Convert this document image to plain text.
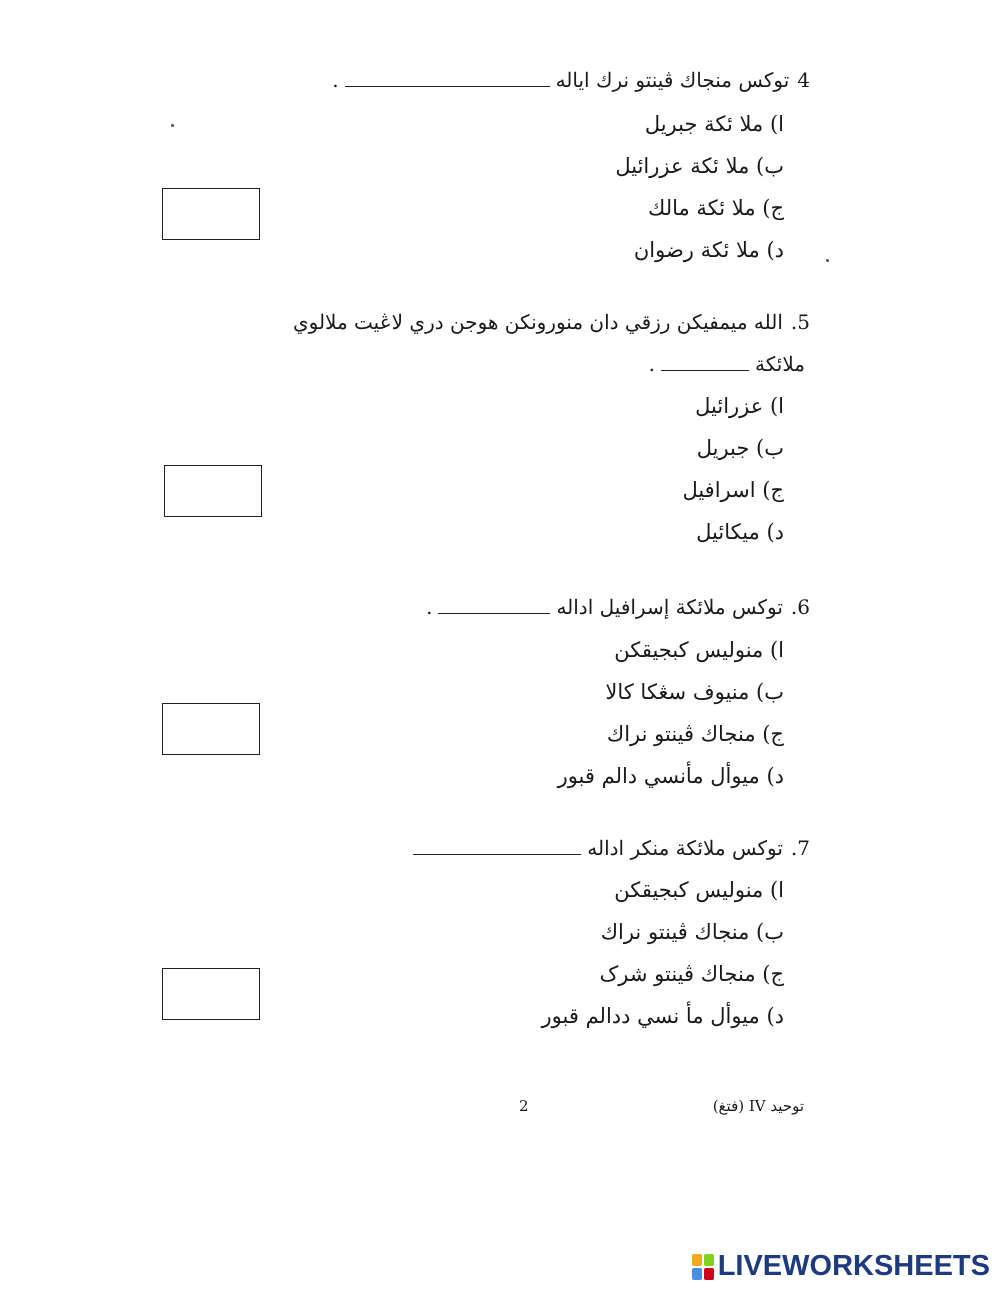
4توكس منجاك ڤينتو نرك اياله.
ا) ملا ئكة جبريل
ب) ملا ئكة عزرائيل
ج) ملا ئكة مالك
د) ملا ئكة رضوان
5.الله ميمفيكن رزقي دان منورونكن هوجن دري لاڠيت ملالوي
ملائكة.
ا) عزرائيل
ب) جبريل
ج) اسرافيل
د) ميكائيل
6.توكس ملائكة إسرافيل اداله.
ا) منوليس كبجيقكن
ب) منيوف سڠكا كالا
ج) منجاك ڤينتو نراك
د) ميوأل مأنسي دالم قبور
7.توكس ملائكة منكر اداله
ا) منوليس كبجيقكن
ب) منجاك ڤينتو نراك
ج) منجاك ڤينتو شرک
د) ميوأل مأ نسي ددالم قبور
توحيد IV (فتغ)
2
LIVEWORKSHEETS
